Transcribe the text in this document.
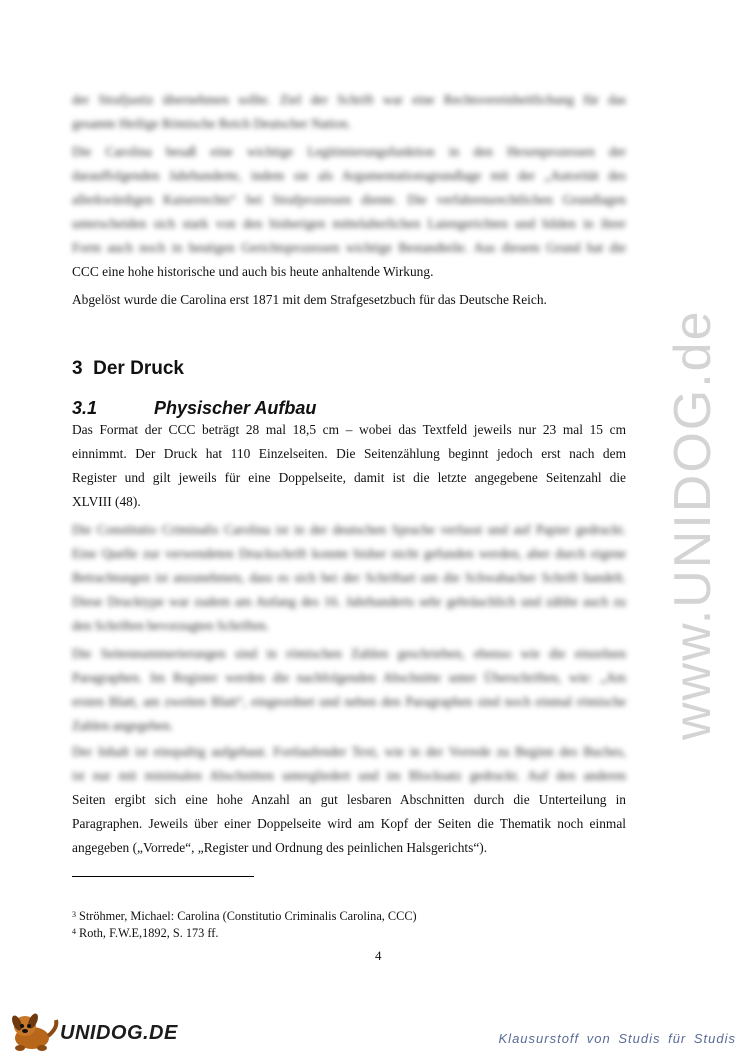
der Strafjustiz übernehmen sollte. Ziel der Schrift war eine Rechtsvereinheitlichung für das
gesamte Heilige Römische Reich Deutscher Nation.
Die Carolina besaß eine wichtige Legitimierungsfunktion in den Hexenprozessen der
darauffolgenden Jahrhunderte, indem sie als Argumentationsgrundlage mit der „Autorität des
allerkwürdigen Kaiserrechts“ bei Strafprozessen diente. Die verfahrensrechtlichen Grundlagen
unterscheiden sich stark von den bisherigen mittelalterlichen Laiengerichten und bilden in ihrer
Form auch noch in heutigen Gerichtsprozessen wichtige Bestandteile. Aus diesem Grund hat die
CCC eine hohe historische und auch bis heute anhaltende Wirkung.
Abgelöst wurde die Carolina erst 1871 mit dem Strafgesetzbuch für das Deutsche Reich.
3 Der Druck
3.1	Physischer Aufbau
Das Format der CCC beträgt 28 mal 18,5 cm – wobei das Textfeld jeweils nur 23 mal 15 cm
einnimmt. Der Druck hat 110 Einzelseiten. Die Seitenzählung beginnt jedoch erst nach dem
Register und gilt jeweils für eine Doppelseite, damit ist die letzte angegebene Seitenzahl die
XLVIII (48).
Die Constitutio Criminalis Carolina ist in der deutschen Sprache verfasst und auf Papier gedruckt.
Eine Quelle zur verwendeten Druckschrift konnte bisher nicht gefunden werden, aber durch eigene
Betrachtungen ist anzunehmen, dass es sich bei der Schriftart um die Schwabacher Schrift handelt.
Diese Drucktype war zudem am Anfang des 16. Jahrhunderts sehr gebräuchlich und zählte auch zu
den Schriften bevorzugten Schriften.
Die Seitennummerierungen sind in römischen Zahlen geschrieben, ebenso wie die einzelnen
Paragraphen. Im Register werden die nachfolgenden Abschnitte unter Überschriften, wie: „Am
ersten Blatt, am zweiten Blatt“, eingeordnet und neben den Paragraphen sind noch einmal römische
Zahlen angegeben.
Der Inhalt ist einspaltig aufgebaut. Fortlaufender Text, wie in der Vorrede zu Beginn des Buches,
ist nur mit minimalen Abschnitten untergliedert und im Blocksatz gedruckt. Auf den anderen
Seiten ergibt sich eine hohe Anzahl an gut lesbaren Abschnitten durch die Unterteilung in
Paragraphen. Jeweils über einer Doppelseite wird am Kopf der Seiten die Thematik noch einmal
angegeben („Vorrede“, „Register und Ordnung des peinlichen Halsgerichts“).
$^3$ Ströhmer, Michael: Carolina (Constitutio Criminalis Carolina, CCC)
$^4$ Roth, F.W.E,1892, S. 173 ff.
4
www.UNIDOG.de
UNIDOG.DE	Klausurstoff von Studis für Studis
